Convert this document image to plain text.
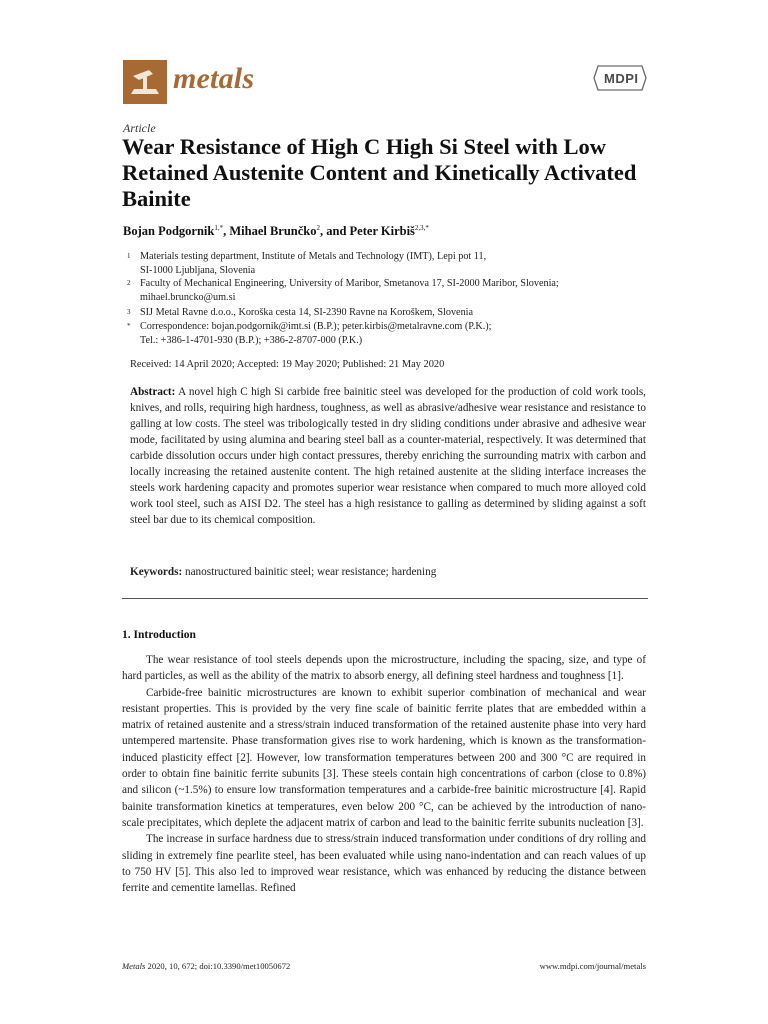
metals	MDPI
Article
Wear Resistance of High C High Si Steel with Low Retained Austenite Content and Kinetically Activated Bainite
Bojan Podgornik$^{1,*}$, Mihael Brunčko$^2$, and Peter Kirbiš$^{2,3,*}$
1 Materials testing department, Institute of Metals and Technology (IMT), Lepi pot 11,
SI-1000 Ljubljana, Slovenia
2 Faculty of Mechanical Engineering, University of Maribor, Smetanova 17, SI-2000 Maribor, Slovenia;
mihael.bruncko@um.si
3 SIJ Metal Ravne d.o.o., Koroška cesta 14, SI-2390 Ravne na Koroškem, Slovenia
* Correspondence: bojan.podgornik@imt.si (B.P.); peter.kirbis@metalravne.com (P.K.);
Tel.: +386-1-4701-930 (B.P.); +386-2-8707-000 (P.K.)
Received: 14 April 2020; Accepted: 19 May 2020; Published: 21 May 2020
Abstract: A novel high C high Si carbide free bainitic steel was developed for the production of cold work tools, knives, and rolls, requiring high hardness, toughness, as well as abrasive/adhesive wear resistance and resistance to galling at low costs. The steel was tribologically tested in dry sliding conditions under abrasive and adhesive wear mode, facilitated by using alumina and bearing steel ball as a counter-material, respectively. It was determined that carbide dissolution occurs under high contact pressures, thereby enriching the surrounding matrix with carbon and locally increasing the retained austenite content. The high retained austenite at the sliding interface increases the steels work hardening capacity and promotes superior wear resistance when compared to much more alloyed cold work tool steel, such as AISI D2. The steel has a high resistance to galling as determined by sliding against a soft steel bar due to its chemical composition.
Keywords: nanostructured bainitic steel; wear resistance; hardening
1. Introduction

The wear resistance of tool steels depends upon the microstructure, including the spacing, size, and type of hard particles, as well as the ability of the matrix to absorb energy, all defining steel hardness and toughness [1].

Carbide-free bainitic microstructures are known to exhibit superior combination of mechanical and wear resistant properties. This is provided by the very fine scale of bainitic ferrite plates that are embedded within a matrix of retained austenite and a stress/strain induced transformation of the retained austenite phase into very hard untempered martensite. Phase transformation gives rise to work hardening, which is known as the transformation-induced plasticity effect [2]. However, low transformation temperatures between 200 and 300 °C are required in order to obtain fine bainitic ferrite subunits [3]. These steels contain high concentrations of carbon (close to 0.8%) and silicon (~1.5%) to ensure low transformation temperatures and a carbide-free bainitic microstructure [4]. Rapid bainite transformation kinetics at temperatures, even below 200 °C, can be achieved by the introduction of nano-scale precipitates, which deplete the adjacent matrix of carbon and lead to the bainitic ferrite subunits nucleation [3].

The increase in surface hardness due to stress/strain induced transformation under conditions of dry rolling and sliding in extremely fine pearlite steel, has been evaluated while using nano-indentation and can reach values of up to 750 HV [5]. This also led to improved wear resistance, which was enhanced by reducing the distance between ferrite and cementite lamellas. Refined

Metals 2020, 10, 672; doi:10.3390/met10050672	www.mdpi.com/journal/metals
